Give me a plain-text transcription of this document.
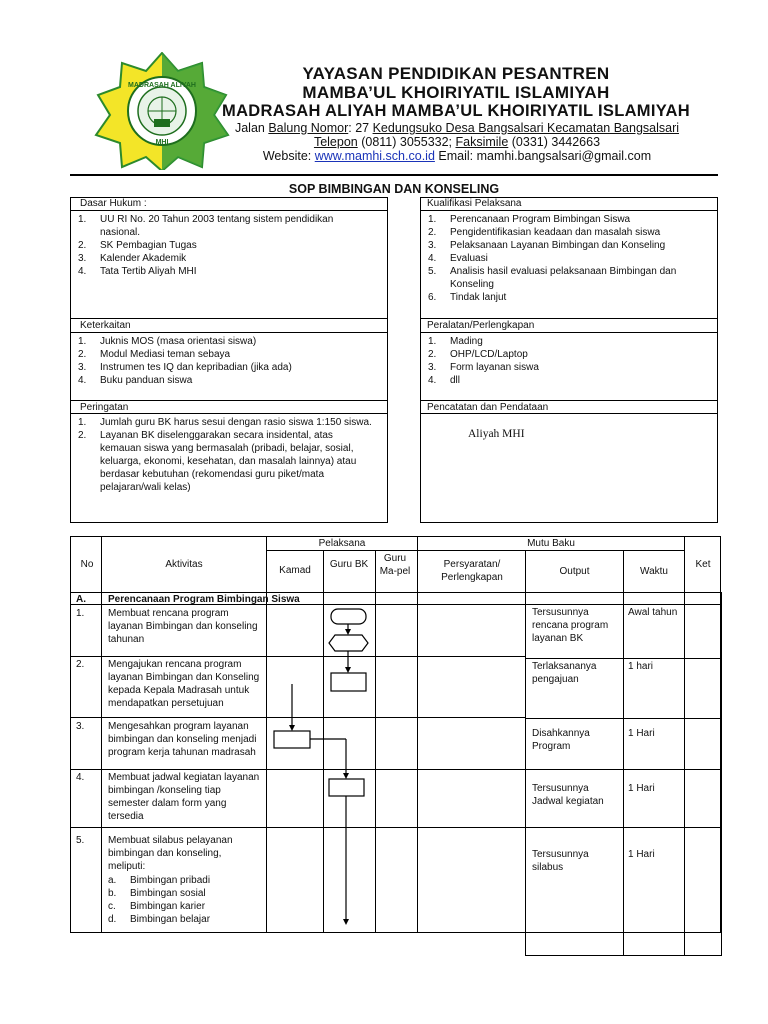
MADRASAH ALIYAH
MHI
YAYASAN PENDIDIKAN PESANTREN
MAMBA’UL KHOIRIYATIL ISLAMIYAH
MADRASAH ALIYAH MAMBA’UL KHOIRIYATIL ISLAMIYAH
Jalan Balung Nomor: 27 Kedungsuko Desa Bangsalsari Kecamatan Bangsalsari
Telepon (0811) 3055332; Faksimile (0331) 3442663
Website: www.mamhi.sch.co.id Email: mamhi.bangsalsari@gmail.com
SOP BIMBINGAN DAN KONSELING
Dasar Hukum :
1. UU RI No. 20 Tahun 2003 tentang sistem pendidikan nasional.
2. SK Pembagian Tugas
3. Kalender Akademik
4. Tata Tertib Aliyah MHI
Kualifikasi Pelaksana
1. Perencanaan Program Bimbingan Siswa
2. Pengidentifikasian keadaan dan masalah siswa
3. Pelaksanaan Layanan Bimbingan dan Konseling
4. Evaluasi
5. Analisis hasil evaluasi pelaksanaan Bimbingan dan Konseling
6. Tindak lanjut
Keterkaitan
1. Juknis MOS (masa orientasi siswa)
2. Modul Mediasi teman sebaya
3. Instrumen tes IQ dan kepribadian (jika ada)
4. Buku panduan siswa
Peralatan/Perlengkapan
1. Mading
2. OHP/LCD/Laptop
3. Form layanan siswa
4. dll
Peringatan
1. Jumlah guru BK harus sesui dengan rasio siswa 1:150 siswa.
2. Layanan BK diselenggarakan secara insidental, atas kemauan siswa yang bermasalah (pribadi, belajar, sosial, keluarga, ekonomi, kesehatan, dan masalah lainnya) atau berdasar kebutuhan (rekomendasi guru piket/mata pelajaran/wali kelas)
Pencatatan dan Pendataan
Aliyah MHI
No	Aktivitas
Pelaksana
Kamad
Guru BK
Guru Ma-pel
Mutu Baku
Persyaratan/ Perlengkapan
Output	Waktu
Ket
A. Perencanaan Program Bimbingan Siswa
1. Membuat rencana program layanan Bimbingan dan konseling tahunan
Tersusunnya rencana program layanan BK
Awal tahun
2. Mengajukan rencana program layanan Bimbingan dan Konseling kepada Kepala Madrasah untuk mendapatkan persetujuan
Terlaksananya pengajuan
1 hari
3. Mengesahkan program layanan bimbingan dan konseling menjadi program kerja tahunan madrasah
Disahkannya Program
1 Hari
4. Membuat jadwal kegiatan layanan bimbingan /konseling tiap semester dalam form yang tersedia
Tersusunnya Jadwal kegiatan
1 Hari
5. Membuat silabus pelayanan bimbingan dan konseling, meliputi:
a. Bimbingan pribadi
b. Bimbingan sosial
c. Bimbingan karier
d. Bimbingan belajar
Tersusunnya silabus
1 Hari
